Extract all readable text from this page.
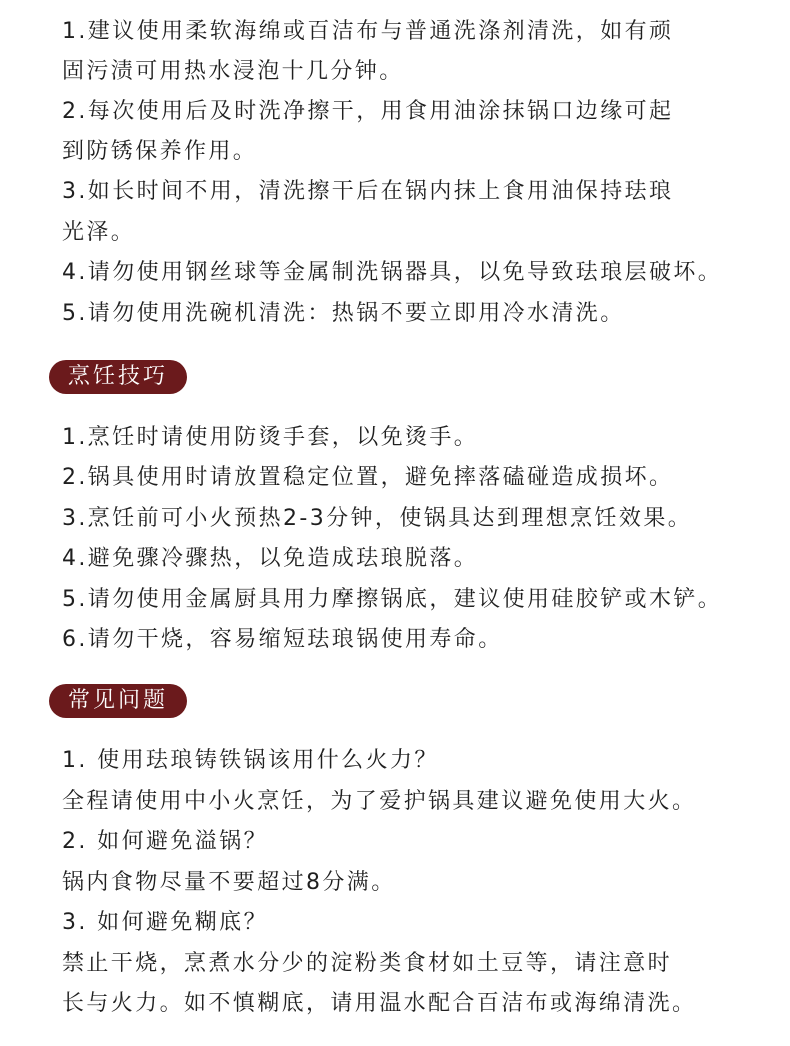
1.建议使用柔软海绵或百洁布与普通洗涤剂清洗，如有顽
固污渍可用热水浸泡十几分钟。
2.每次使用后及时洗净擦干，用食用油涂抹锅口边缘可起
到防锈保养作用。
3.如长时间不用，清洗擦干后在锅内抹上食用油保持珐琅
光泽。
4.请勿使用钢丝球等金属制洗锅器具，以免导致珐琅层破坏。
5.请勿使用洗碗机清洗：热锅不要立即用冷水清洗。
烹饪技巧
1.烹饪时请使用防烫手套，以免烫手。
2.锅具使用时请放置稳定位置，避免摔落磕碰造成损坏。
3.烹饪前可小火预热2-3分钟，使锅具达到理想烹饪效果。
4.避免骤冷骤热，以免造成珐琅脱落。
5.请勿使用金属厨具用力摩擦锅底，建议使用硅胶铲或木铲。
6.请勿干烧，容易缩短珐琅锅使用寿命。
常见问题
1. 使用珐琅铸铁锅该用什么火力？
全程请使用中小火烹饪，为了爱护锅具建议避免使用大火。
2. 如何避免溢锅？
锅内食物尽量不要超过8分满。
3. 如何避免糊底？
禁止干烧，烹煮水分少的淀粉类食材如土豆等，请注意时
长与火力。如不慎糊底，请用温水配合百洁布或海绵清洗。
